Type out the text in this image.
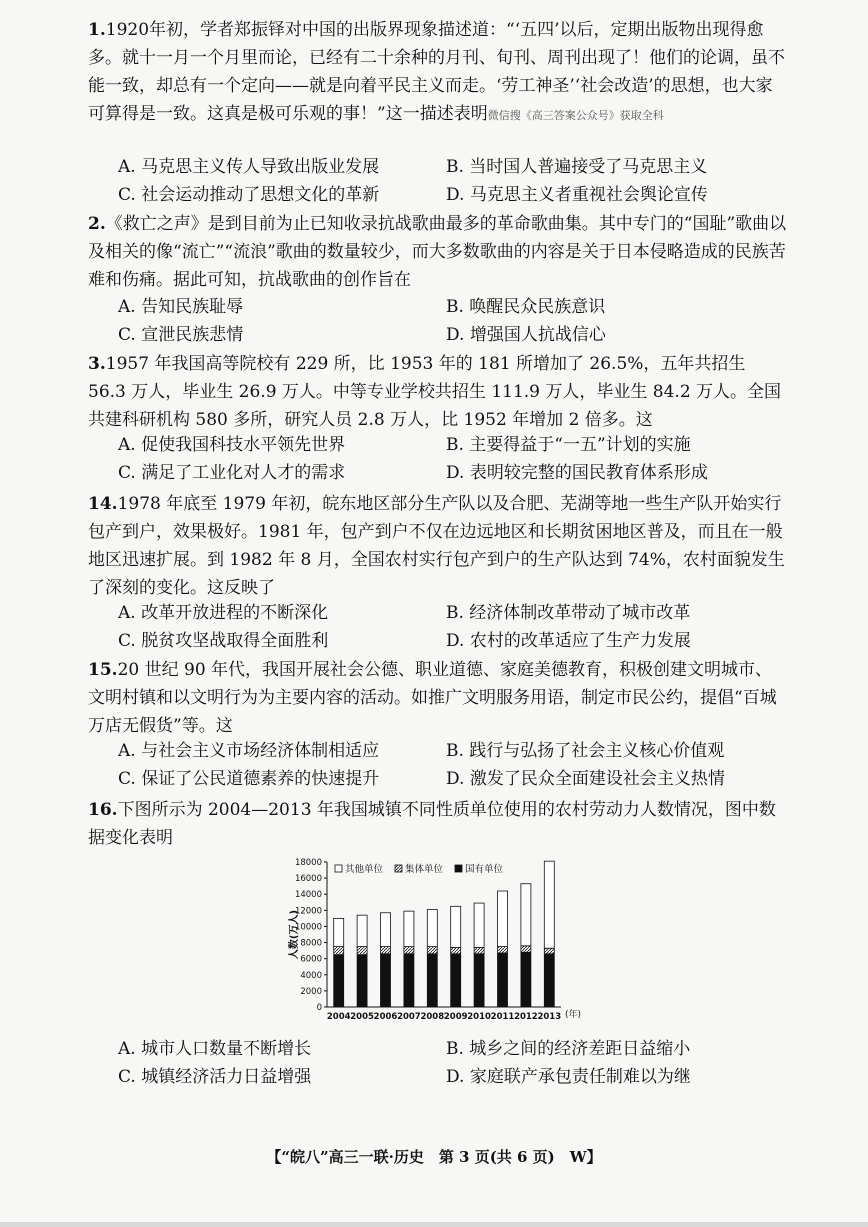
1.1920年初，学者郑振铎对中国的出版界现象描述道：“‘五四’以后，定期出版物出现得愈多。就十一月一个月里而论，已经有二十余种的月刊、旬刊、周刊出现了！他们的论调，虽不能一致，却总有一个定向——就是向着平民主义而走。‘劳工神圣’‘社会改造’的思想，也大家可算得是一致。这真是极可乐观的事！”这一描述表明微信搜《高三答案公众号》获取全科

A. 马克思主义传人导致出版业发展	B. 当时国人普遍接受了马克思主义
C. 社会运动推动了思想文化的革新	D. 马克思主义者重视社会舆论宣传

2.《救亡之声》是到目前为止已知收录抗战歌曲最多的革命歌曲集。其中专门的“国耻”歌曲以及相关的像“流亡”“流浪”歌曲的数量较少，而大多数歌曲的内容是关于日本侵略造成的民族苦难和伤痛。据此可知，抗战歌曲的创作旨在

A. 告知民族耻辱	B. 唤醒民众民族意识
C. 宣泄民族悲情	D. 增强国人抗战信心

3.1957 年我国高等院校有 229 所，比 1953 年的 181 所增加了 26.5%，五年共招生 56.3 万人，毕业生 26.9 万人。中等专业学校共招生 111.9 万人，毕业生 84.2 万人。全国共建科研机构 580 多所，研究人员 2.8 万人，比 1952 年增加 2 倍多。这

A. 促使我国科技水平领先世界	B. 主要得益于“一五”计划的实施
C. 满足了工业化对人才的需求	D. 表明较完整的国民教育体系形成

14.1978 年底至 1979 年初，皖东地区部分生产队以及合肥、芜湖等地一些生产队开始实行包产到户，效果极好。1981 年，包产到户不仅在边远地区和长期贫困地区普及，而且在一般地区迅速扩展。到 1982 年 8 月，全国农村实行包产到户的生产队达到 74%，农村面貌发生了深刻的变化。这反映了

A. 改革开放进程的不断深化	B. 经济体制改革带动了城市改革
C. 脱贫攻坚战取得全面胜利	D. 农村的改革适应了生产力发展

15.20 世纪 90 年代，我国开展社会公德、职业道德、家庭美德教育，积极创建文明城市、文明村镇和以文明行为为主要内容的活动。如推广文明服务用语，制定市民公约，提倡“百城万店无假货”等。这

A. 与社会主义市场经济体制相适应	B. 践行与弘扬了社会主义核心价值观
C. 保证了公民道德素养的快速提升	D. 激发了民众全面建设社会主义热情

16.下图所示为 2004—2013 年我国城镇不同性质单位使用的农村劳动力人数情况，图中数据变化表明

0
2000
4000
6000
8000
10000
12000
14000
16000
18000
人数(万人)
2004 2005 2006 2007 2008 2009 2010 2011 2012 2013 (年)
其他单位 集体单位 国有单位
A. 城市人口数量不断增长	B. 城乡之间的经济差距日益缩小
C. 城镇经济活力日益增强	D. 家庭联产承包责任制难以为继
【“皖八”高三一联·历史　第 3 页(共 6 页)　W】
